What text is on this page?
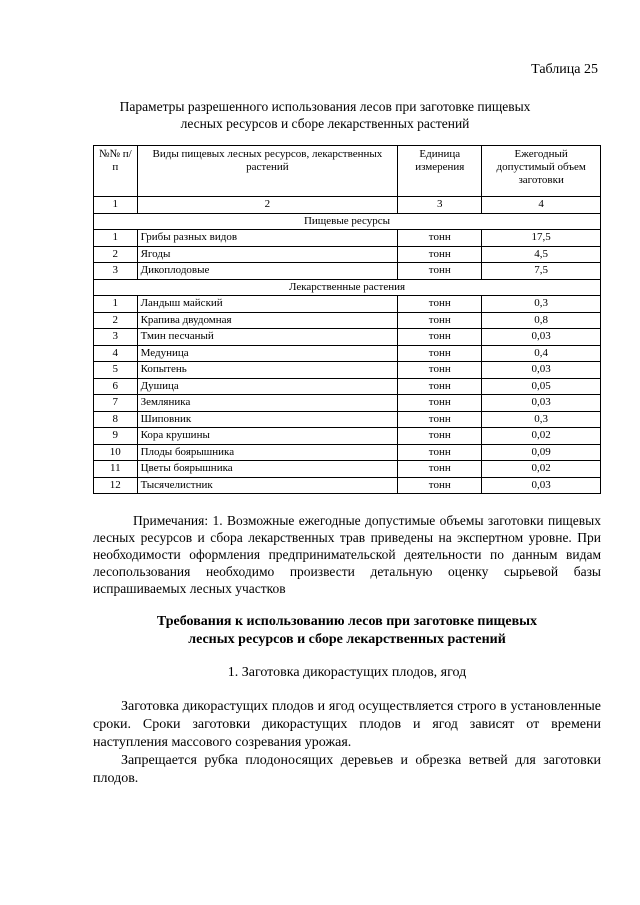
Таблица 25
Параметры разрешенного использования лесов при заготовке пищевых
лесных ресурсов и сборе лекарственных растений
№№ п/п	Виды пищевых лесных ресурсов, лекарственных растений	Единица измерения	Ежегодный допустимый объем заготовки
1	2	3	4
Пищевые ресурсы			
1	Грибы разных видов	тонн	17,5
2	Ягоды	тонн	4,5
3	Дикоплодовые	тонн	7,5
Лекарственные растения			
1	Ландыш майский	тонн	0,3
2	Крапива двудомная	тонн	0,8
3	Тмин песчаный	тонн	0,03
4	Медуница	тонн	0,4
5	Копытень	тонн	0,03
6	Душица	тонн	0,05
7	Земляника	тонн	0,03
8	Шиповник	тонн	0,3
9	Кора крушины	тонн	0,02
10	Плоды боярышника	тонн	0,09
11	Цветы боярышника	тонн	0,02
12	Тысячелистник	тонн	0,03

Примечания: 1. Возможные ежегодные допустимые объемы заготовки пищевых лесных ресурсов и сбора лекарственных трав приведены на экспертном уровне. При необходимости оформления предпринимательской деятельности по данным видам лесопользования необходимо произвести детальную оценку сырьевой базы испрашиваемых лесных участков

Требования к использованию лесов при заготовке пищевых
лесных ресурсов и сборе лекарственных растений
1. Заготовка дикорастущих плодов, ягод

Заготовка дикорастущих плодов и ягод осуществляется строго в установленные сроки. Сроки заготовки дикорастущих плодов и ягод зависят от времени наступления массового созревания урожая.

Запрещается рубка плодоносящих деревьев и обрезка ветвей для заготовки плодов.
